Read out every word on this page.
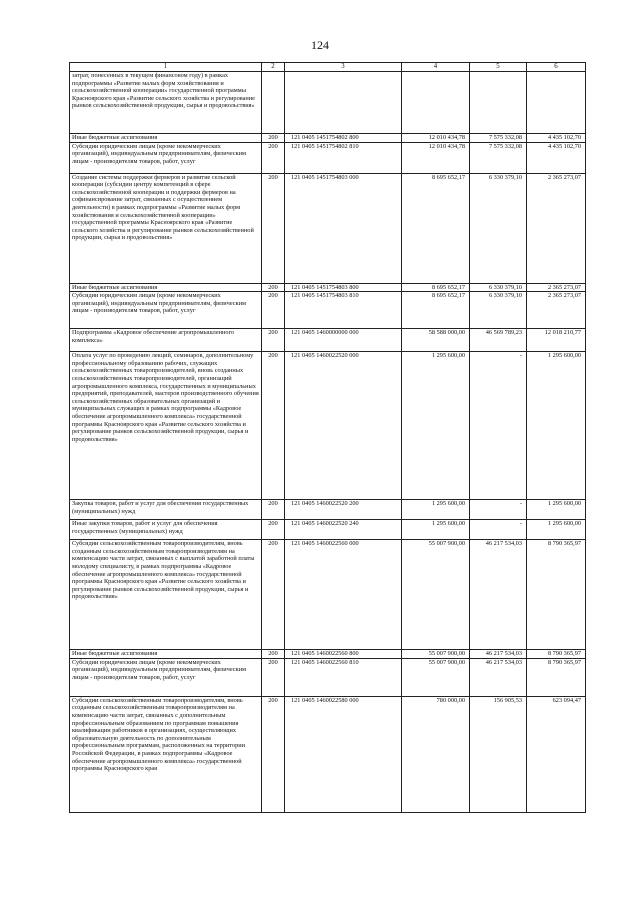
124
1	2	3	4	5	6
затрат, понесенных в текущем финансовом году) в рамках подпрограммы «Развитие малых форм хозяйствования и сельскохозяйственной кооперации» государственной программы Красноярского края «Развитие сельского хозяйства и регулирование рынков сельскохозяйственной продукции, сырья и продовольствия»					
Иные бюджетные ассигнования	200	121 0405 1451754802 800	12 010 434,78	7 575 332,08	4 435 102,70
Субсидии юридическим лицам (кроме некоммерческих организаций), индивидуальным предпринимателям, физическим лицам - производителям товаров, работ, услуг	200	121 0405 1451754802 810	12 010 434,78	7 575 332,08	4 435 102,70
Создание системы поддержки фермеров и развитие сельской кооперации (субсидии центру компетенций в сфере сельскохозяйственной кооперации и поддержки фермеров на софинансирование затрат, связанных с осуществлением деятельности) в рамках подпрограммы «Развитие малых форм хозяйствования и сельскохозяйственной кооперации» государственной программы Красноярского края «Развитие сельского хозяйства и регулирование рынков сельскохозяйственной продукции, сырья и продовольствия»	200	121 0405 1451754803 000	8 695 652,17	6 330 379,10	2 365 273,07
Иные бюджетные ассигнования	200	121 0405 1451754803 800	8 695 652,17	6 330 379,10	2 365 273,07
Субсидии юридическим лицам (кроме некоммерческих организаций), индивидуальным предпринимателям, физическим лицам - производителям товаров, работ, услуг	200	121 0405 1451754803 810	8 695 652,17	6 330 379,10	2 365 273,07
Подпрограмма «Кадровое обеспечение агропромышленного комплекса»	200	121 0405 1460000000 000	58 588 000,00	46 569 789,23	12 018 210,77
Оплата услуг по проведению лекций, семинаров, дополнительному профессиональному образованию рабочих, служащих сельскохозяйственных товаропроизводителей, вновь созданных сельскохозяйственных товаропроизводителей, организаций агропромышленного комплекса, государственных и муниципальных предприятий, преподавателей, мастеров производственного обучения сельскохозяйственных образовательных организаций и муниципальных служащих в рамках подпрограммы «Кадровое обеспечение агропромышленного комплекса» государственной программы Красноярского края «Развитие сельского хозяйства и регулирование рынков сельскохозяйственной продукции, сырья и продовольствия»	200	121 0405 1460022520 000	1 295 600,00	-	1 295 600,00
Закупка товаров, работ и услуг для обеспечения государственных (муниципальных) нужд	200	121 0405 1460022520 200	1 295 600,00	-	1 295 600,00
Иные закупки товаров, работ и услуг для обеспечения государственных (муниципальных) нужд	200	121 0405 1460022520 240	1 295 600,00	-	1 295 600,00
Субсидии сельскохозяйственным товаропроизводителям, вновь созданным сельскохозяйственным товаропроизводителям на компенсацию части затрат, связанных с выплатой заработной платы молодому специалисту, в рамках подпрограммы «Кадровое обеспечение агропромышленного комплекса» государственной программы Красноярского края «Развитие сельского хозяйства и регулирование рынков сельскохозяйственной продукции, сырья и продовольствия»	200	121 0405 1460022560 000	55 007 900,00	46 217 534,03	8 790 365,97
Иные бюджетные ассигнования	200	121 0405 1460022560 800	55 007 900,00	46 217 534,03	8 790 365,97
Субсидии юридическим лицам (кроме некоммерческих организаций), индивидуальным предпринимателям, физическим лицам - производителям товаров, работ, услуг	200	121 0405 1460022560 810	55 007 900,00	46 217 534,03	8 790 365,97
Субсидии сельскохозяйственным товаропроизводителям, вновь созданным сельскохозяйственным товаропроизводителям на компенсацию части затрат, связанных с дополнительным профессиональным образованием по программам повышения квалификации работников в организациях, осуществляющих образовательную деятельность по дополнительным профессиональным программам, расположенных на территории Российской Федерации, в рамках подпрограммы «Кадровое обеспечение агропромышленного комплекса» государственной программы Красноярского края	200	121 0405 1460022580 000	780 000,00	156 905,53	623 094,47
